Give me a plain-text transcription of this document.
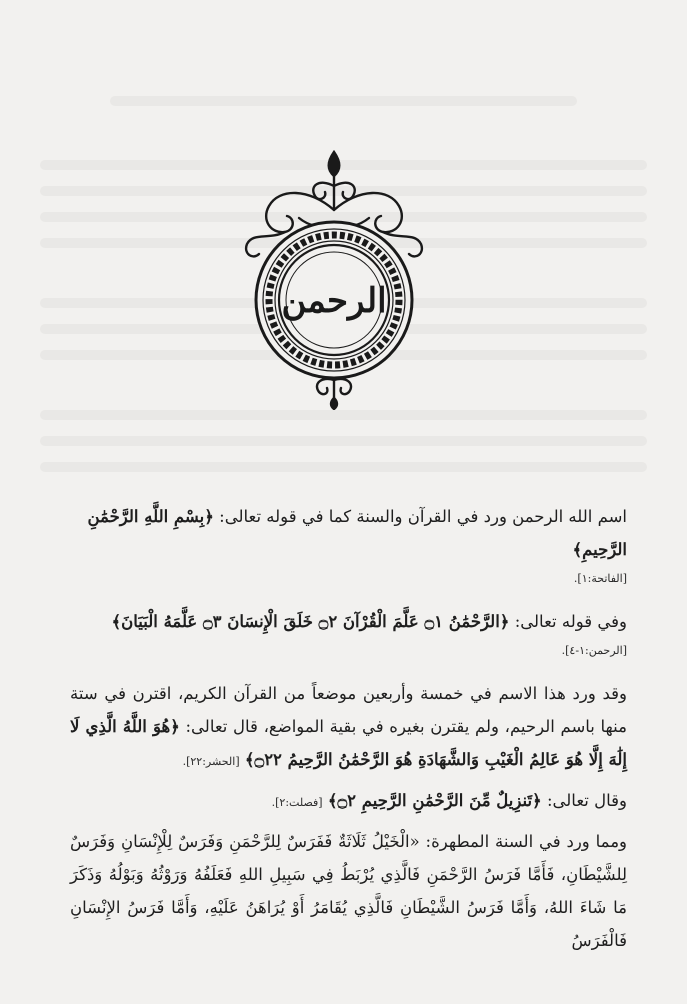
الرحمن

اسم الله الرحمن ورد في القرآن والسنة كما في قوله تعالى: ﴿بِسْمِ اللَّهِ الرَّحْمَٰنِ الرَّحِيمِ﴾

[الفاتحة:١].

وفي قوله تعالى: ﴿الرَّحْمَٰنُ ۝١ عَلَّمَ الْقُرْآنَ ۝٢ خَلَقَ الْإِنسَانَ ۝٣ عَلَّمَهُ الْبَيَانَ﴾

[الرحمن:١-٤].

وقد ورد هذا الاسم في خمسة وأربعين موضعاً من القرآن الكريم، اقترن في ستة منها باسم الرحيم، ولم يقترن بغيره في بقية المواضع، قال تعالى: ﴿هُوَ اللَّهُ الَّذِي لَا إِلَٰهَ إِلَّا هُوَ عَالِمُ الْغَيْبِ وَالشَّهَادَةِ هُوَ الرَّحْمَٰنُ الرَّحِيمُ ۝٢٢﴾ [الحشر:٢٢].

وقال تعالى: ﴿تَنزِيلٌ مِّنَ الرَّحْمَٰنِ الرَّحِيمِ ۝٢﴾ [فصلت:٢].

ومما ورد في السنة المطهرة: «الْخَيْلُ ثَلَاثَةٌ فَفَرَسٌ لِلرَّحْمَنِ وَفَرَسٌ لِلْإِنْسَانِ وَفَرَسٌ لِلشَّيْطَانِ، فَأَمَّا فَرَسُ الرَّحْمَنِ فَالَّذِي يُرْبَطُ فِي سَبِيلِ اللهِ فَعَلَفُهُ وَرَوْثُهُ وَبَوْلُهُ وَذَكَرَ مَا شَاءَ اللهُ، وَأَمَّا فَرَسُ الشَّيْطَانِ فَالَّذِي يُقَامَرُ أَوْ يُرَاهَنُ عَلَيْهِ، وَأَمَّا فَرَسُ الإِنْسَانِ فَالْفَرَسُ
